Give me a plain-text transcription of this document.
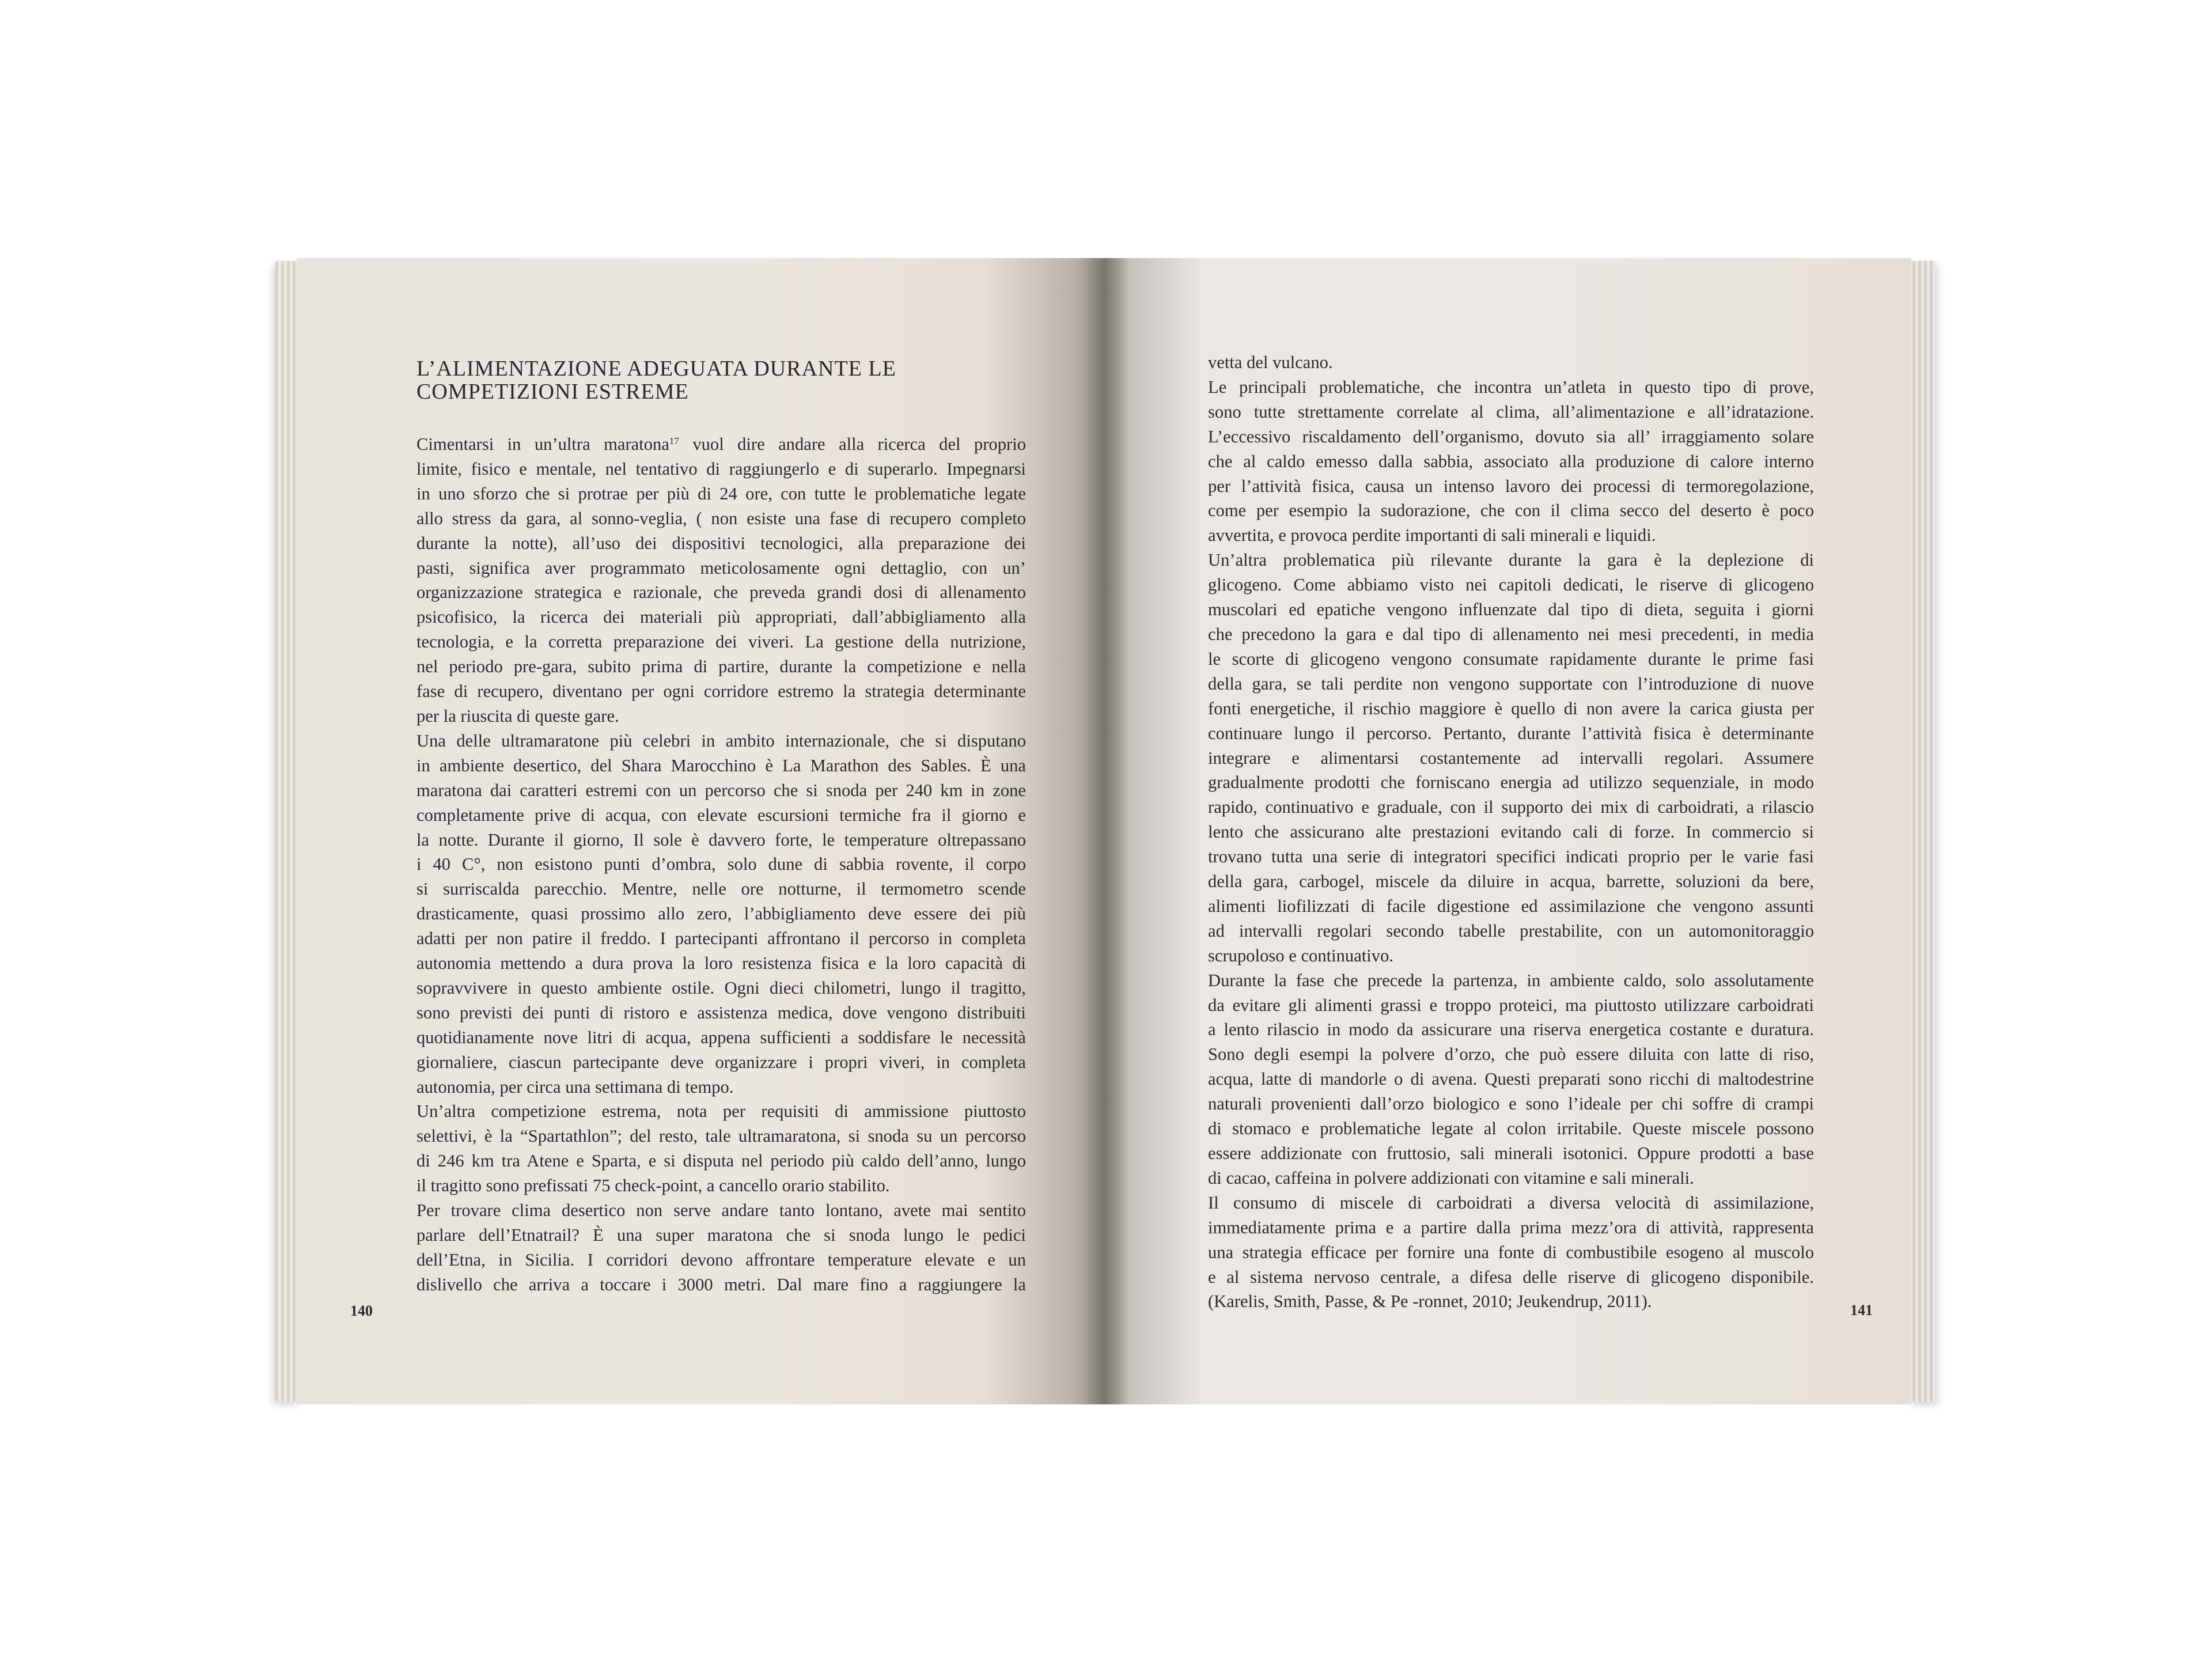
L’ALIMENTAZIONE ADEGUATA DURANTE LE
COMPETIZIONI ESTREME

Cimentarsi in un’ultra maratona$^{17}$ vuol dire andare alla ricerca del proprio

limite, fisico e mentale, nel tentativo di raggiungerlo e di superarlo. Impegnarsi

in uno sforzo che si protrae per più di 24 ore, con tutte le problematiche legate

allo stress da gara, al sonno-veglia, ( non esiste una fase di recupero completo

durante la notte), all’uso dei dispositivi tecnologici, alla preparazione dei

pasti, significa aver programmato meticolosamente ogni dettaglio, con un’

organizzazione strategica e razionale, che preveda grandi dosi di allenamento

psicofisico, la ricerca dei materiali più appropriati, dall’abbigliamento alla

tecnologia, e la corretta preparazione dei viveri. La gestione della nutrizione,

nel periodo pre-gara, subito prima di partire, durante la competizione e nella

fase di recupero, diventano per ogni corridore estremo la strategia determinante

per la riuscita di queste gare.

Una delle ultramaratone più celebri in ambito internazionale, che si disputano

in ambiente desertico, del Shara Marocchino è La Marathon des Sables. È una

maratona dai caratteri estremi con un percorso che si snoda per 240 km in zone

completamente prive di acqua, con elevate escursioni termiche fra il giorno e

la notte. Durante il giorno, Il sole è davvero forte, le temperature oltrepassano

i 40 C°, non esistono punti d’ombra, solo dune di sabbia rovente, il corpo

si surriscalda parecchio. Mentre, nelle ore notturne, il termometro scende

drasticamente, quasi prossimo allo zero, l’abbigliamento deve essere dei più

adatti per non patire il freddo. I partecipanti affrontano il percorso in completa

autonomia mettendo a dura prova la loro resistenza fisica e la loro capacità di

sopravvivere in questo ambiente ostile. Ogni dieci chilometri, lungo il tragitto,

sono previsti dei punti di ristoro e assistenza medica, dove vengono distribuiti

quotidianamente nove litri di acqua, appena sufficienti a soddisfare le necessità

giornaliere, ciascun partecipante deve organizzare i propri viveri, in completa

autonomia, per circa una settimana di tempo.

Un’altra competizione estrema, nota per requisiti di ammissione piuttosto

selettivi, è la “Spartathlon”; del resto, tale ultramaratona, si snoda su un percorso

di 246 km tra Atene e Sparta, e si disputa nel periodo più caldo dell’anno, lungo

il tragitto sono prefissati 75 check-point, a cancello orario stabilito.

Per trovare clima desertico non serve andare tanto lontano, avete mai sentito

parlare dell’Etnatrail? È una super maratona che si snoda lungo le pedici

dell’Etna, in Sicilia. I corridori devono affrontare temperature elevate e un

dislivello che arriva a toccare i 3000 metri. Dal mare fino a raggiungere la

140

vetta del vulcano.

Le principali problematiche, che incontra un’atleta in questo tipo di prove,

sono tutte strettamente correlate al clima, all’alimentazione e all’idratazione.

L’eccessivo riscaldamento dell’organismo, dovuto sia all’ irraggiamento solare

che al caldo emesso dalla sabbia, associato alla produzione di calore interno

per l’attività fisica, causa un intenso lavoro dei processi di termoregolazione,

come per esempio la sudorazione, che con il clima secco del deserto è poco

avvertita, e provoca perdite importanti di sali minerali e liquidi.

Un’altra problematica più rilevante durante la gara è la deplezione di

glicogeno. Come abbiamo visto nei capitoli dedicati, le riserve di glicogeno

muscolari ed epatiche vengono influenzate dal tipo di dieta, seguita i giorni

che precedono la gara e dal tipo di allenamento nei mesi precedenti, in media

le scorte di glicogeno vengono consumate rapidamente durante le prime fasi

della gara, se tali perdite non vengono supportate con l’introduzione di nuove

fonti energetiche, il rischio maggiore è quello di non avere la carica giusta per

continuare lungo il percorso. Pertanto, durante l’attività fisica è determinante

integrare e alimentarsi costantemente ad intervalli regolari. Assumere

gradualmente prodotti che forniscano energia ad utilizzo sequenziale, in modo

rapido, continuativo e graduale, con il supporto dei mix di carboidrati, a rilascio

lento che assicurano alte prestazioni evitando cali di forze. In commercio si

trovano tutta una serie di integratori specifici indicati proprio per le varie fasi

della gara, carbogel, miscele da diluire in acqua, barrette, soluzioni da bere,

alimenti liofilizzati di facile digestione ed assimilazione che vengono assunti

ad intervalli regolari secondo tabelle prestabilite, con un automonitoraggio

scrupoloso e continuativo.

Durante la fase che precede la partenza, in ambiente caldo, solo assolutamente

da evitare gli alimenti grassi e troppo proteici, ma piuttosto utilizzare carboidrati

a lento rilascio in modo da assicurare una riserva energetica costante e duratura.

Sono degli esempi la polvere d’orzo, che può essere diluita con latte di riso,

acqua, latte di mandorle o di avena. Questi preparati sono ricchi di maltodestrine

naturali provenienti dall’orzo biologico e sono l’ideale per chi soffre di crampi

di stomaco e problematiche legate al colon irritabile. Queste miscele possono

essere addizionate con fruttosio, sali minerali isotonici. Oppure prodotti a base

di cacao, caffeina in polvere addizionati con vitamine e sali minerali.

Il consumo di miscele di carboidrati a diversa velocità di assimilazione,

immediatamente prima e a partire dalla prima mezz’ora di attività, rappresenta

una strategia efficace per fornire una fonte di combustibile esogeno al muscolo

e al sistema nervoso centrale, a difesa delle riserve di glicogeno disponibile.

(Karelis, Smith, Passe, & Pe -ronnet, 2010; Jeukendrup, 2011).	141
